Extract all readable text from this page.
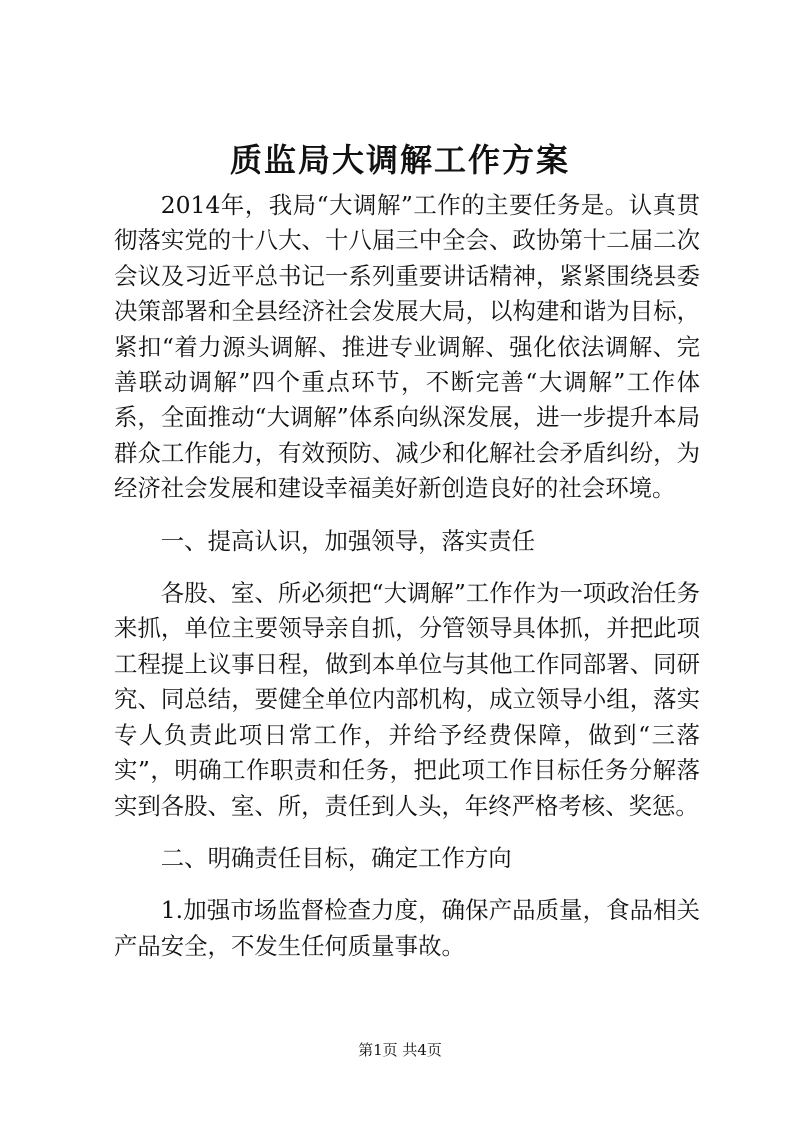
质监局大调解工作方案

2014年，我局“大调解”工作的主要任务是。认真贯彻落实党的十八大、十八届三中全会、政协第十二届二次会议及习近平总书记一系列重要讲话精神，紧紧围绕县委决策部署和全县经济社会发展大局，以构建和谐为目标，紧扣“着力源头调解、推进专业调解、强化依法调解、完善联动调解”四个重点环节，不断完善“大调解”工作体系，全面推动“大调解”体系向纵深发展，进一步提升本局群众工作能力，有效预防、减少和化解社会矛盾纠纷，为经济社会发展和建设幸福美好新创造良好的社会环境。

一、提高认识，加强领导，落实责任

各股、室、所必须把“大调解”工作作为一项政治任务来抓，单位主要领导亲自抓，分管领导具体抓，并把此项工程提上议事日程，做到本单位与其他工作同部署、同研究、同总结，要健全单位内部机构，成立领导小组，落实专人负责此项日常工作，并给予经费保障，做到“三落实”，明确工作职责和任务，把此项工作目标任务分解落实到各股、室、所，责任到人头，年终严格考核、奖惩。

二、明确责任目标，确定工作方向

1.加强市场监督检查力度，确保产品质量，食品相关产品安全，不发生任何质量事故。

第1页 共4页
